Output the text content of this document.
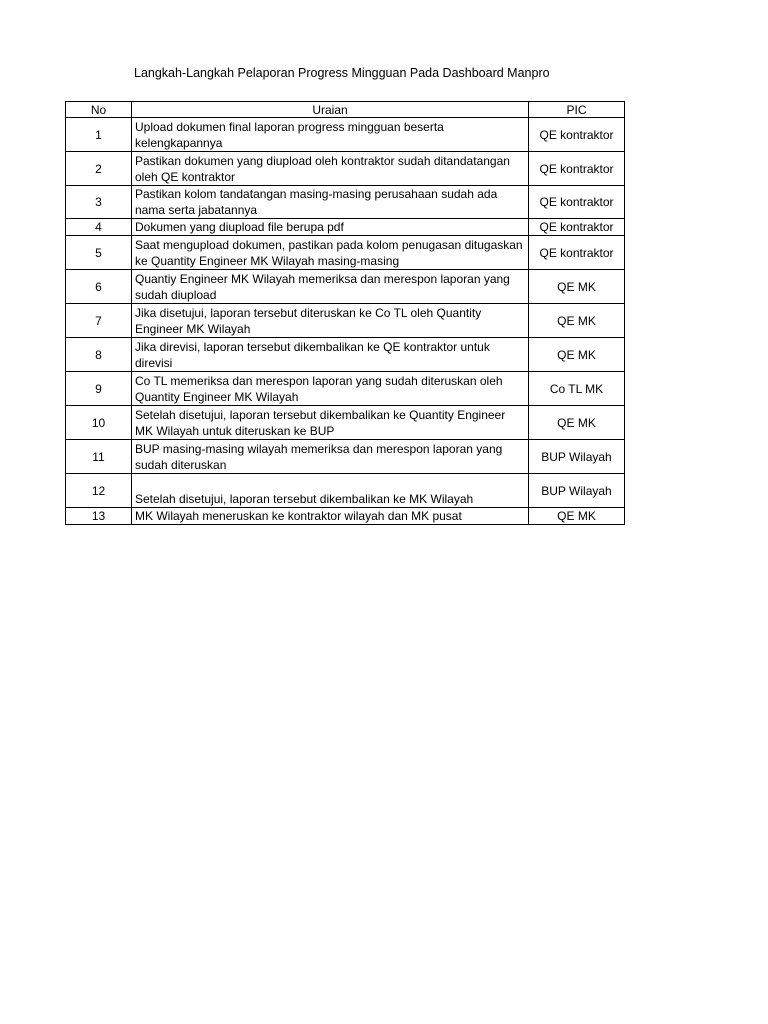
Langkah-Langkah Pelaporan Progress Mingguan Pada Dashboard Manpro
No	Uraian	PIC
1	Upload dokumen final laporan progress mingguan beserta kelengkapannya	QE kontraktor
2	Pastikan dokumen yang diupload oleh kontraktor sudah ditandatangan oleh QE kontraktor	QE kontraktor
3	Pastikan kolom tandatangan masing-masing perusahaan sudah ada nama serta jabatannya	QE kontraktor
4	Dokumen yang diupload file berupa pdf	QE kontraktor
5	Saat mengupload dokumen, pastikan pada kolom penugasan ditugaskan ke Quantity Engineer MK Wilayah masing-masing	QE kontraktor
6	Quantiy Engineer MK Wilayah memeriksa dan merespon laporan yang sudah diupload	QE MK
7	Jika disetujui, laporan tersebut diteruskan ke Co TL oleh Quantity Engineer MK Wilayah	QE MK
8	Jika direvisi, laporan tersebut dikembalikan ke QE kontraktor untuk direvisi	QE MK
9	Co TL memeriksa dan merespon laporan yang sudah diteruskan oleh Quantity Engineer MK Wilayah	Co TL MK
10	Setelah disetujui, laporan tersebut dikembalikan ke Quantity Engineer MK Wilayah untuk diteruskan ke BUP	QE MK
11	BUP masing-masing wilayah memeriksa dan merespon laporan yang sudah diteruskan	BUP Wilayah
12	Setelah disetujui, laporan tersebut dikembalikan ke MK Wilayah	BUP Wilayah
13	MK Wilayah meneruskan ke kontraktor wilayah dan MK pusat	QE MK
